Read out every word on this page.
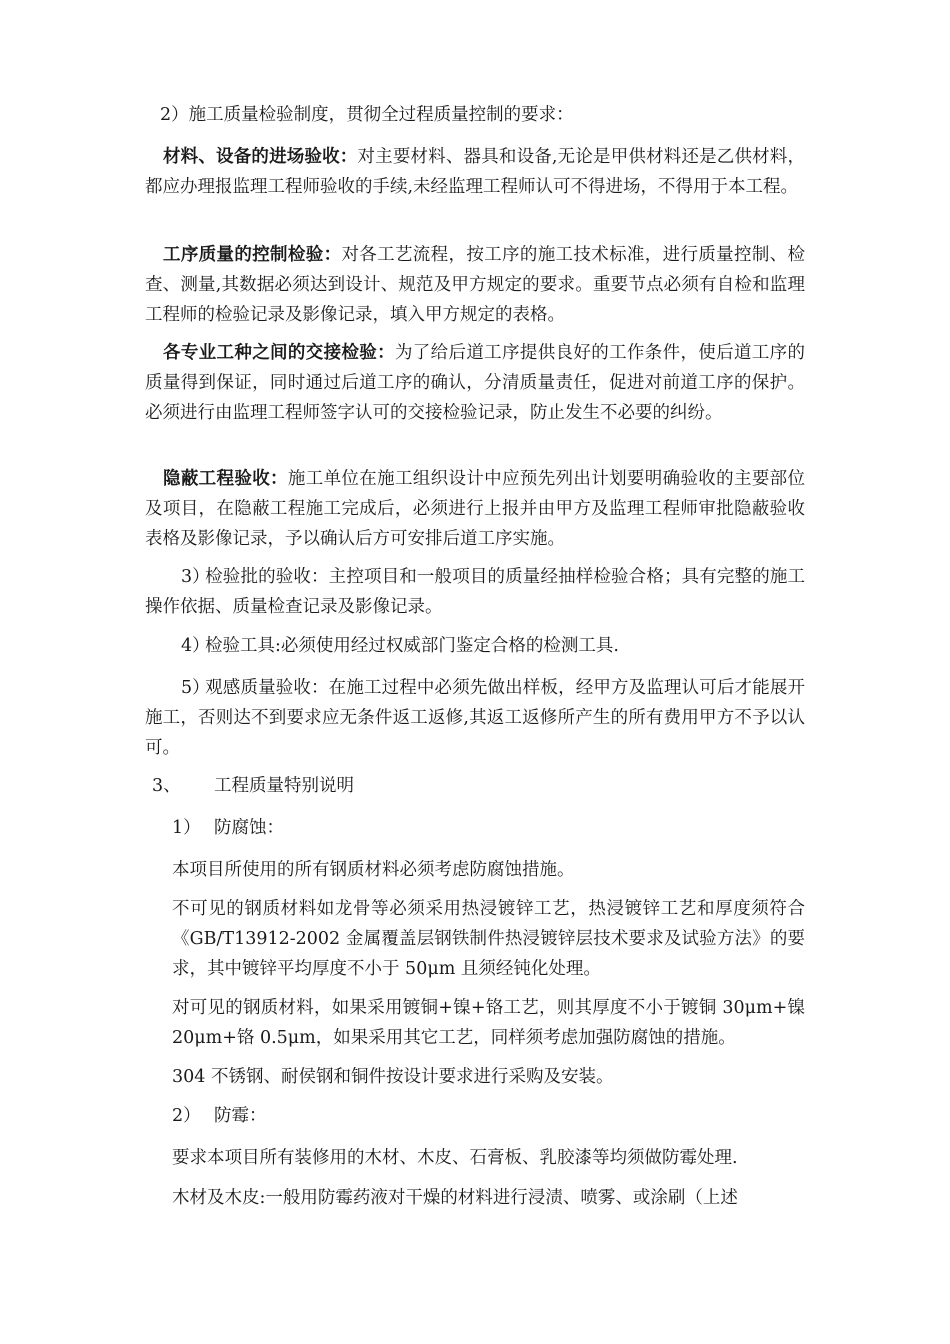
2）施工质量检验制度，贯彻全过程质量控制的要求：

材料、设备的进场验收：对主要材料、器具和设备,无论是甲供材料还是乙供材料，都应办理报监理工程师验收的手续,未经监理工程师认可不得进场，不得用于本工程。

工序质量的控制检验：对各工艺流程，按工序的施工技术标准，进行质量控制、检查、测量,其数据必须达到设计、规范及甲方规定的要求。重要节点必须有自检和监理工程师的检验记录及影像记录，填入甲方规定的表格。

各专业工种之间的交接检验：为了给后道工序提供良好的工作条件，使后道工序的质量得到保证，同时通过后道工序的确认，分清质量责任，促进对前道工序的保护。必须进行由监理工程师签字认可的交接检验记录，防止发生不必要的纠纷。

隐蔽工程验收：施工单位在施工组织设计中应预先列出计划要明确验收的主要部位及项目，在隐蔽工程施工完成后，必须进行上报并由甲方及监理工程师审批隐蔽验收表格及影像记录，予以确认后方可安排后道工序实施。

3）检验批的验收：主控项目和一般项目的质量经抽样检验合格；具有完整的施工操作依据、质量检查记录及影像记录。

4）检验工具:必须使用经过权威部门鉴定合格的检测工具.

5）观感质量验收：在施工过程中必须先做出样板，经甲方及监理认可后才能展开施工，否则达不到要求应无条件返工返修,其返工返修所产生的所有费用甲方不予以认可。

3、 工程质量特别说明

1） 防腐蚀：

本项目所使用的所有钢质材料必须考虑防腐蚀措施。

不可见的钢质材料如龙骨等必须采用热浸镀锌工艺，热浸镀锌工艺和厚度须符合《GB/T13912-2002 金属覆盖层钢铁制件热浸镀锌层技术要求及试验方法》的要求，其中镀锌平均厚度不小于 50μm 且须经钝化处理。

对可见的钢质材料，如果采用镀铜+镍+铬工艺，则其厚度不小于镀铜 30μm+镍 20μm+铬 0.5μm，如果采用其它工艺，同样须考虑加强防腐蚀的措施。

304 不锈钢、耐侯钢和铜件按设计要求进行采购及安装。

2） 防霉：

要求本项目所有装修用的木材、木皮、石膏板、乳胶漆等均须做防霉处理.

木材及木皮:一般用防霉药液对干燥的材料进行浸渍、喷雾、或涂刷（上述
